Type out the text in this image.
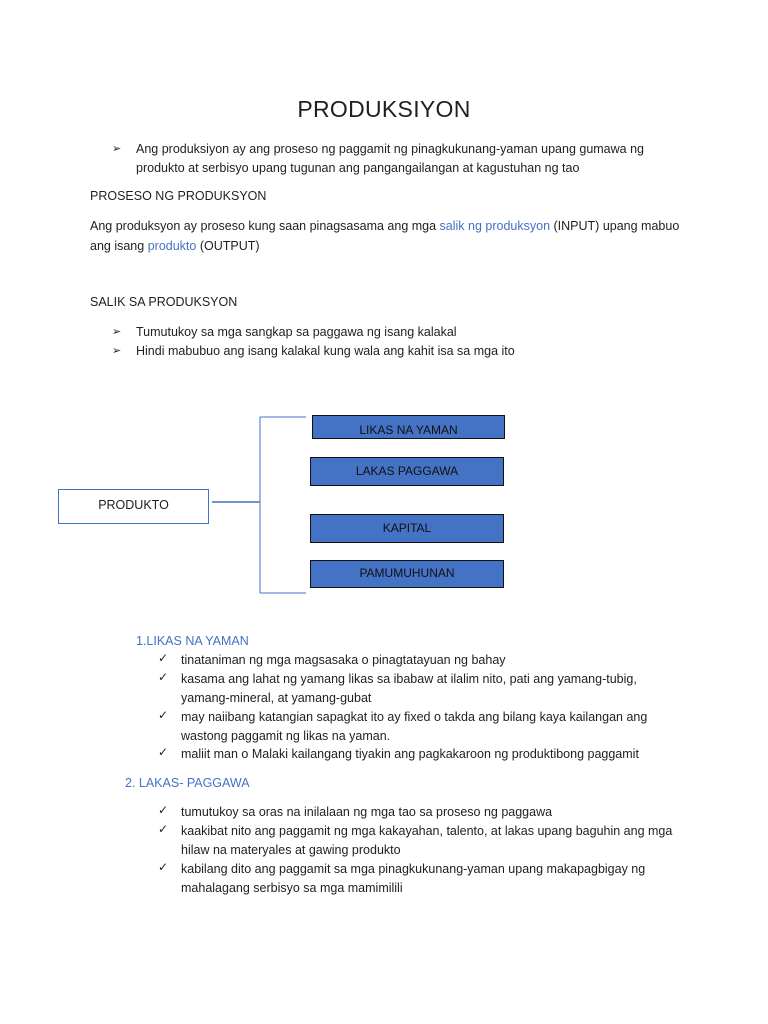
PRODUKSIYON
➢ Ang produksiyon ay ang proseso ng paggamit ng pinagkukunang-yaman upang gumawa ng
produkto at serbisyo upang tugunan ang pangangailangan at kagustuhan ng tao
PROSESO NG PRODUKSYON
Ang produksyon ay proseso kung saan pinagsasama ang mga salik ng produksyon (INPUT) upang mabuo
ang isang produkto (OUTPUT)
SALIK SA PRODUKSYON
➢ Tumutukoy sa mga sangkap sa paggawa ng isang kalakal
➢ Hindi mabubuo ang isang kalakal kung wala ang kahit isa sa mga ito
PRODUKTO
LIKAS NA YAMAN
LAKAS PAGGAWA
KAPITAL
PAMUMUHUNAN
1.LIKAS NA YAMAN
✓ tinataniman ng mga magsasaka o pinagtatayuan ng bahay
✓ kasama ang lahat ng yamang likas sa ibabaw at ilalim nito, pati ang yamang-tubig,
yamang-mineral, at yamang-gubat
✓ may naiibang katangian sapagkat ito ay fixed o takda ang bilang kaya kailangan ang
wastong paggamit ng likas na yaman.
✓ maliit man o Malaki kailangang tiyakin ang pagkakaroon ng produktibong paggamit
2. LAKAS- PAGGAWA
✓ tumutukoy sa oras na inilalaan ng mga tao sa proseso ng paggawa
✓ kaakibat nito ang paggamit ng mga kakayahan, talento, at lakas upang baguhin ang mga
hilaw na materyales at gawing produkto
✓ kabilang dito ang paggamit sa mga pinagkukunang-yaman upang makapagbigay ng
mahalagang serbisyo sa mga mamimilili
